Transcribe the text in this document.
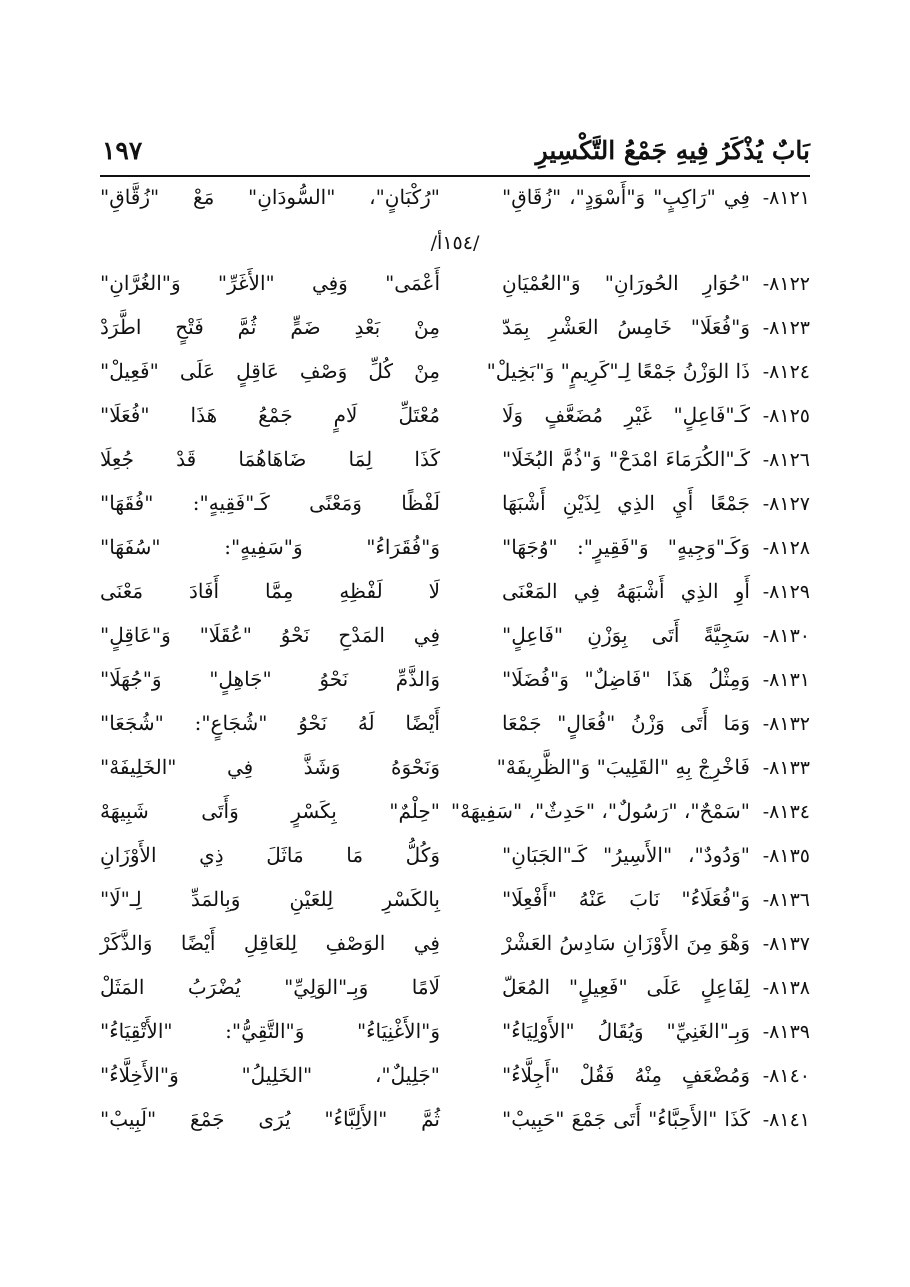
بَابٌ يُذْكَرُ فِيهِ جَمْعُ التَّكْسِيرِ
١٩٧
٨١٢١-
فِي "رَاكِبٍ" وَ"أَسْوَدٍ"، "زُقَاقِ"
"رُكْبَانٍ"، "السُّودَانِ" مَعْ "زُقَّاقِ"
/١٥٤أ/
٨١٢٢-
"حُوَارِ الحُورَانِ" وَ"العُمْيَانِ
أَعْمَى" وَفِي "الأَغَرِّ" وَ"الغُرَّانِ"
٨١٢٣-
وَ"فُعَلَا" خَامِسُ العَشْرِ بِمَدّ
مِنْ بَعْدِ ضَمٍّ ثُمَّ فَتْحٍ اطَّرَدْ
٨١٢٤-
ذَا الوَزْنُ جَمْعًا لِـ"كَرِيمٍ" وَ"بَخِيلْ"
مِنْ كُلِّ وَصْفِ عَاقِلٍ عَلَى "فَعِيلْ"
٨١٢٥-
كَـ"فَاعِلٍ" غَيْرِ مُضَعَّفٍ وَلَا
مُعْتَلِّ لَامٍ جَمْعُ هَذَا "فُعَلَا"
٨١٢٦-
كَـ"الكُرَمَاءَ امْدَحْ" وَ"ذُمَّ البُخَلَا"
كَذَا لِمَا ضَاهَاهُمَا قَدْ جُعِلَا
٨١٢٧-
جَمْعًا أَيِ الذِي لِذَيْنِ أَشْبَهَا
لَفْظًا وَمَعْنًى كَـ"فَقِيهٍ": "فُقَهَا"
٨١٢٨-
وَكَـ"وَجِيهٍ" وَ"فَقِيرٍ": "وُجَهَا"
وَ"فُقَرَاءُ" وَ"سَفِيهٍ": "سُفَهَا"
٨١٢٩-
أَوِ الذِي أَشْبَهَهُ فِي المَعْنَى
لَا لَفْظِهِ مِمَّا أَفَادَ مَعْنَى
٨١٣٠-
سَجِيَّةً أَتَى بِوَزْنِ "فَاعِلٍ"
فِي المَدْحِ نَحْوُ "عُقَلَا" وَ"عَاقِلٍ"
٨١٣١-
وَمِثْلُ هَذَا "فَاضِلٌ" وَ"فُضَلَا"
وَالذَّمِّ نَحْوُ "جَاهِلٍ" وَ"جُهَلَا"
٨١٣٢-
وَمَا أَتَى وَزْنُ "فُعَالٍ" جَمْعَا
أَيْضًا لَهُ نَحْوُ "شُجَاعٍ": "شُجَعَا"
٨١٣٣-
فَاخْرِجْ بِهِ "القَلِيبَ" وَ"الظَّرِيفَهْ"
وَنَحْوَهُ وَشَذَّ فِي "الخَلِيفَهْ"
٨١٣٤-
"سَمْحٌ"، "رَسُولٌ"، "حَدِثٌ"، "سَفِيهَهْ"
"حِلْمٌ" بِكَسْرٍ وَأَتَى شَبِيهَهْ
٨١٣٥-
"وَدُودٌ"، "الأَسِيرُ" كَـ"الجَبَانِ"
وَكُلُّ مَا مَاثَلَ ذِي الأَوْزَانِ
٨١٣٦-
وَ"فُعَلَاءُ" نَابَ عَنْهُ "أَفْعِلَا"
بِالكَسْرِ لِلعَيْنِ وَبِالمَدِّ لِـ"لَا"
٨١٣٧-
وَهْوَ مِنَ الأَوْزَانِ سَادِسُ العَشْرْ
فِي الوَصْفِ لِلعَاقِلِ أَيْضًا وَالذَّكَرْ
٨١٣٨-
لِفَاعِلٍ عَلَى "فَعِيلٍ" المُعَلّ
لَامًا وَبِـ"الوَلِيِّ" يُضْرَبُ المَثَلْ
٨١٣٩-
وَبِـ"الغَنِيِّ" وَيُقَالُ "الأَوْلِيَاءُ"
وَ"الأَغْنِيَاءُ" وَ"التَّقِيُّ": "الأَتْقِيَاءُ"
٨١٤٠-
وَمُضْعَفٍ مِنْهُ فَقُلْ "أَجِلَّاءُ"
"جَلِيلٌ"، "الخَلِيلُ" وَ"الأَخِلَّاءُ"
٨١٤١-
كَذَا "الأَحِبَّاءُ" أَتَى جَمْعَ "حَبِيبْ"
ثُمَّ "الأَلِبَّاءُ" يُرَى جَمْعَ "لَبِيبْ"
